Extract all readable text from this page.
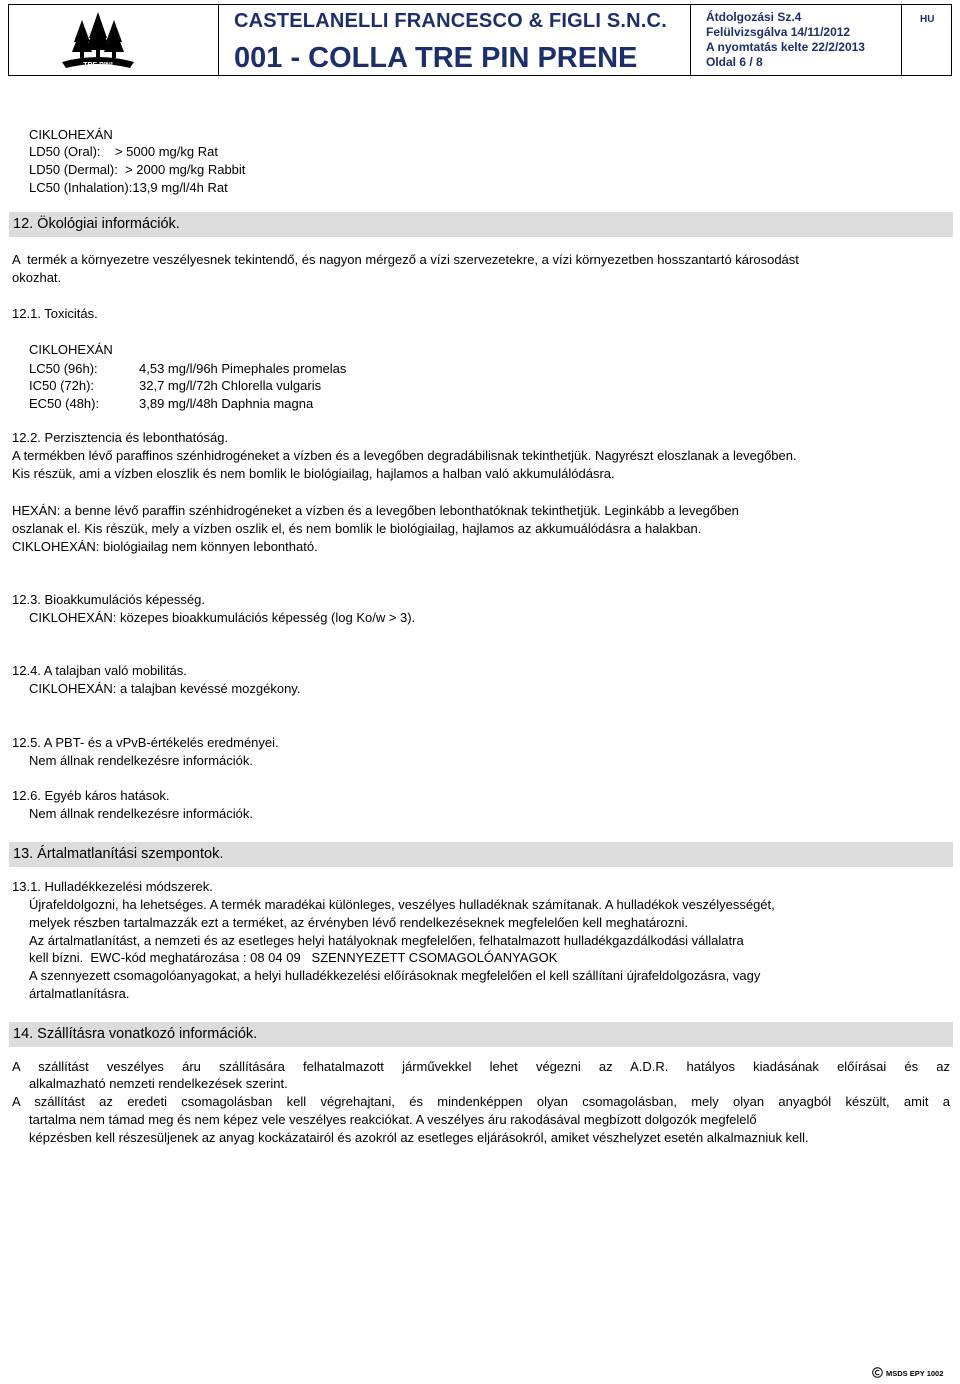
TRE PINI
CASTELANELLI FRANCESCO & FIGLI S.N.C.
001 - COLLA TRE PIN PRENE
Átdolgozási Sz.4
Felülvizsgálva 14/11/2012
A nyomtatás kelte 22/2/2013
Oldal 6 / 8
HU
CIKLOHEXÁN
LD50 (Oral):    > 5000 mg/kg Rat
LD50 (Dermal):  > 2000 mg/kg Rabbit
LC50 (Inhalation):13,9 mg/l/4h Rat
12. Ökológiai információk.
A  termék a környezetre veszélyesnek tekintendő, és nagyon mérgező a vízi szervezetekre, a vízi környezetben hosszantartó károsodást
okozhat.
12.1. Toxicitás.
CIKLOHEXÁN
LC50 (96h):	4,53 mg/l/96h Pimephales promelas
IC50 (72h):	32,7 mg/l/72h Chlorella vulgaris
EC50 (48h):	3,89 mg/l/48h Daphnia magna
12.2. Perzisztencia és lebonthatóság.
A termékben lévő paraffinos szénhidrogéneket a vízben és a levegőben degradábilisnak tekinthetjük. Nagyrészt eloszlanak a levegőben.
Kis részük, ami a vízben eloszlik és nem bomlik le biológiailag, hajlamos a halban való akkumulálódásra.
HEXÁN: a benne lévő paraffin szénhidrogéneket a vízben és a levegőben lebonthatóknak tekinthetjük. Leginkább a levegőben
oszlanak el. Kis részük, mely a vízben oszlik el, és nem bomlik le biológiailag, hajlamos az akkumuálódásra a halakban.
CIKLOHEXÁN: biológiailag nem könnyen lebontható.
12.3. Bioakkumulációs képesség.
CIKLOHEXÁN: közepes bioakkumulációs képesség (log Ko/w > 3).
12.4. A talajban való mobilitás.
CIKLOHEXÁN: a talajban kevéssé mozgékony.
12.5. A PBT- és a vPvB-értékelés eredményei.
Nem állnak rendelkezésre információk.
12.6. Egyéb káros hatások.
Nem állnak rendelkezésre információk.
13. Ártalmatlanítási szempontok.
13.1. Hulladékkezelési módszerek.
Újrafeldolgozni, ha lehetséges. A termék maradékai különleges, veszélyes hulladéknak számítanak. A hulladékok veszélyességét,
melyek részben tartalmazzák ezt a terméket, az érvényben lévő rendelkezéseknek megfelelően kell meghatározni.
Az ártalmatlanítást, a nemzeti és az esetleges helyi hatályoknak megfelelően, felhatalmazott hulladékgazdálkodási vállalatra
kell bízni.  EWC-kód meghatározása : 08 04 09   SZENNYEZETT CSOMAGOLÓANYAGOK
A szennyezett csomagolóanyagokat, a helyi hulladékkezelési előírásoknak megfelelően el kell szállítani újrafeldolgozásra, vagy
ártalmatlanításra.
14. Szállításra vonatkozó információk.
A szállítást veszélyes áru szállítására felhatalmazott járművekkel lehet végezni az A.D.R. hatályos kiadásának előírásai és az
alkalmazható nemzeti rendelkezések szerint.
A szállítást az eredeti csomagolásban kell végrehajtani, és mindenképpen olyan csomagolásban, mely olyan anyagból készült, amit a
tartalma nem támad meg és nem képez vele veszélyes reakciókat. A veszélyes áru rakodásával megbízott dolgozók megfelelő
képzésben kell részesüljenek az anyag kockázatairól és azokról az esetleges eljárásokról, amiket vészhelyzet esetén alkalmazniuk kell.
MSDS EPY 1002
